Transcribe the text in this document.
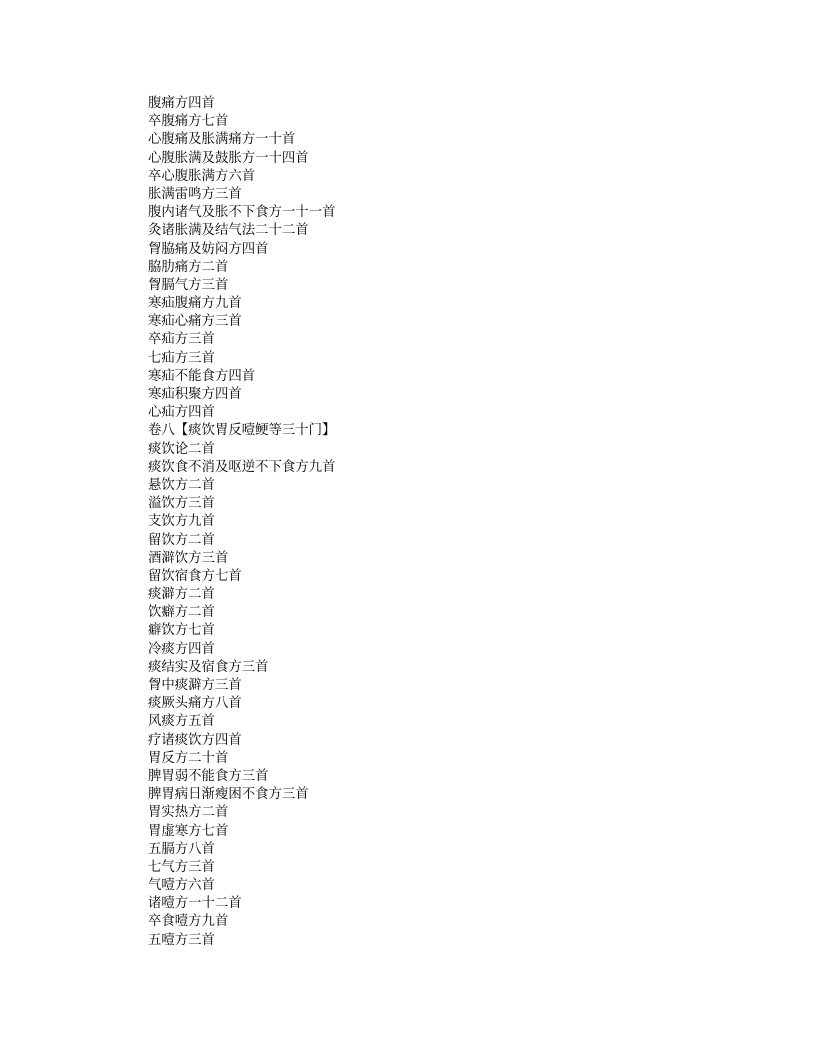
腹痛方四首
卒腹痛方七首
心腹痛及胀满痛方一十首
心腹胀满及鼓胀方一十四首
卒心腹胀满方六首
胀满雷鸣方三首
腹内诸气及胀不下食方一十一首
灸诸胀满及结气法二十二首
胷脇痛及妨闷方四首
脇肋痛方二首
胷膈气方三首
寒疝腹痛方九首
寒疝心痛方三首
卒疝方三首
七疝方三首
寒疝不能食方四首
寒疝积聚方四首
心疝方四首
卷八【痰饮胃反噎鲠等三十门】
痰饮论二首
痰饮食不消及呕逆不下食方九首
悬饮方二首
溢饮方三首
支饮方九首
留饮方二首
酒澼饮方三首
留饮宿食方七首
痰澼方二首
饮癖方二首
癖饮方七首
冷痰方四首
痰结实及宿食方三首
胷中痰澼方三首
痰厥头痛方八首
风痰方五首
疗诸痰饮方四首
胃反方二十首
脾胃弱不能食方三首
脾胃病日渐瘦困不食方三首
胃实热方二首
胃虚寒方七首
五膈方八首
七气方三首
气噎方六首
诸噎方一十二首
卒食噎方九首
五噎方三首
